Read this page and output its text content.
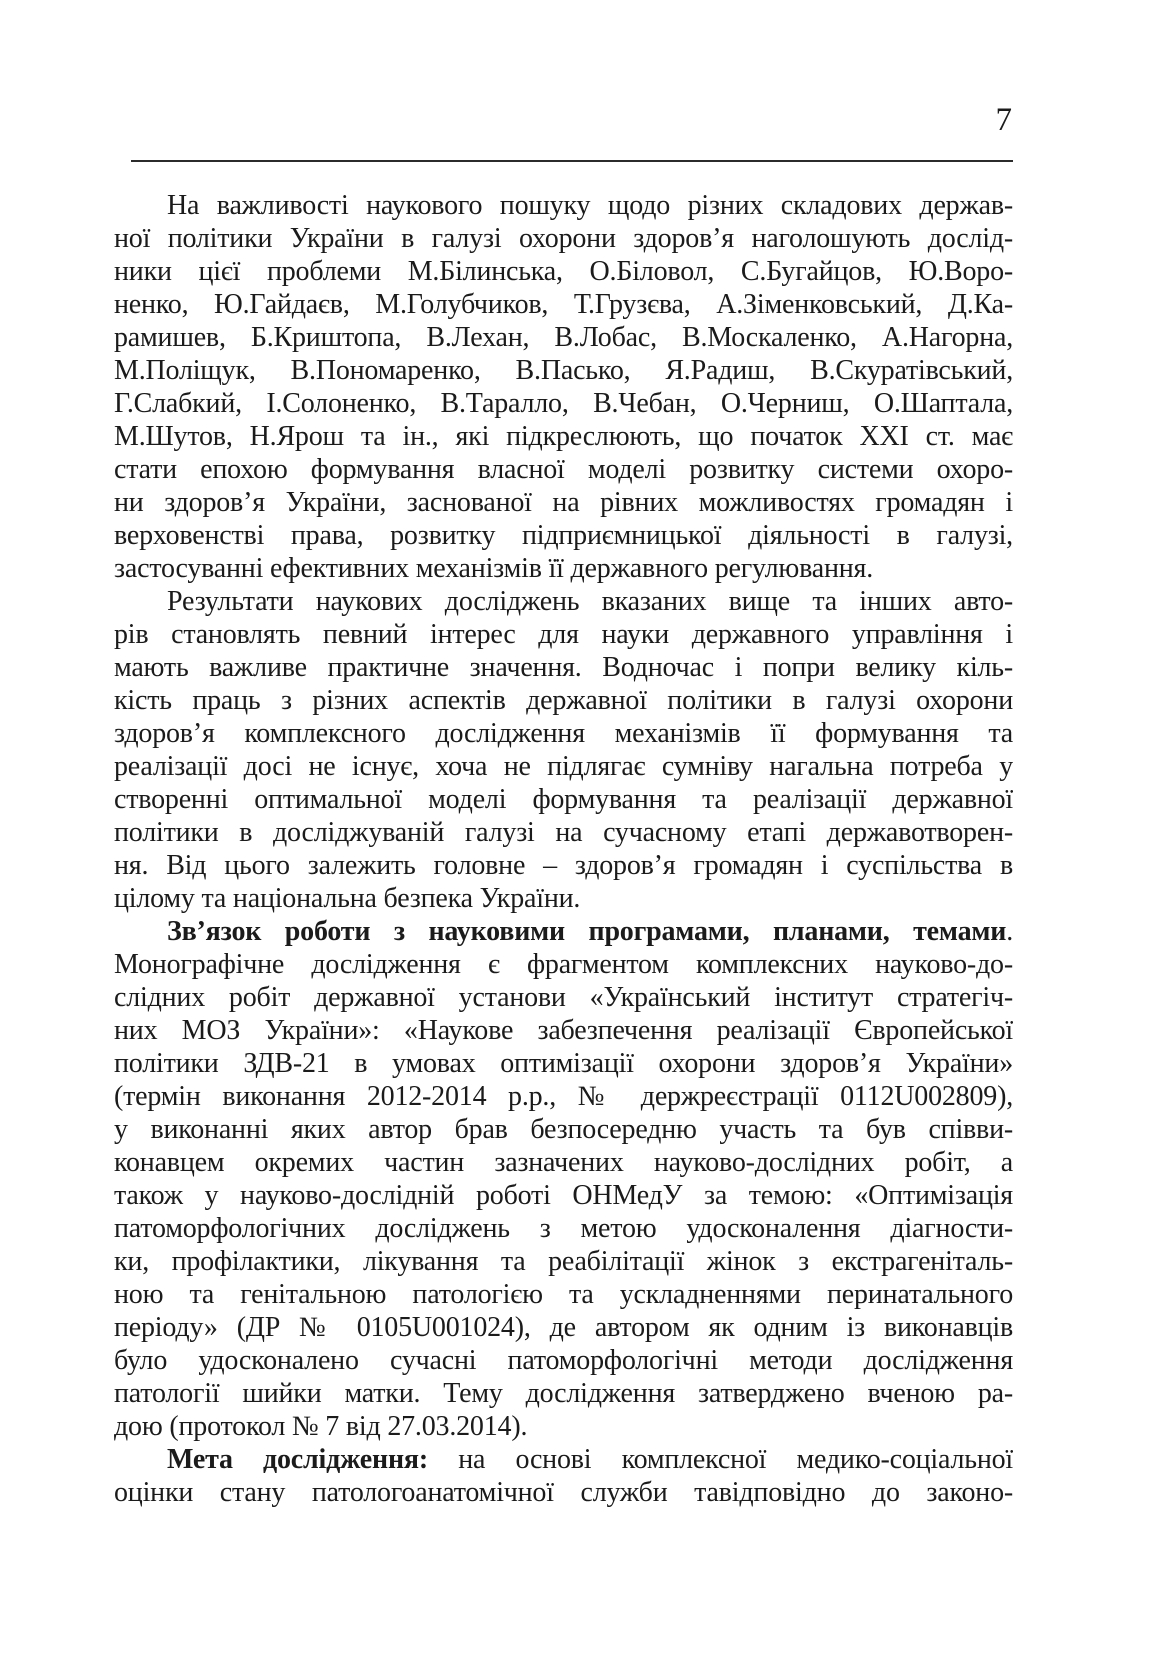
7
На важливості наукового пошуку щодо різних складових держав-
ної політики України в галузі охорони здоров’я наголошують дослід-
ники цієї проблеми М.Білинська, О.Біловол, С.Бугайцов, Ю.Воро-
ненко, Ю.Гайдаєв, М.Голубчиков, Т.Грузєва, А.Зіменковський, Д.Ка-
рамишев, Б.Криштопа, В.Лехан, В.Лобас, В.Москаленко, А.Нагорна,
М.Поліщук, В.Пономаренко, В.Пасько, Я.Радиш, В.Скуратівський,
Г.Слабкий, І.Солоненко, В.Таралло, В.Чебан, О.Черниш, О.Шаптала,
М.Шутов, Н.Ярош та ін., які підкреслюють, що початок ХХІ ст. має
стати епохою формування власної моделі розвитку системи охоро-
ни здоров’я України, заснованої на рівних можливостях громадян і
верховенстві права, розвитку підприємницької діяльності в галузі,
застосуванні ефективних механізмів її державного регулювання.
Результати наукових досліджень вказаних вище та інших авто-
рів становлять певний інтерес для науки державного управління і
мають важливе практичне значення. Водночас і попри велику кіль-
кість праць з різних аспектів державної політики в галузі охорони
здоров’я комплексного дослідження механізмів її формування та
реалізації досі не існує, хоча не підлягає сумніву нагальна потреба у
створенні оптимальної моделі формування та реалізації державної
політики в досліджуваній галузі на сучасному етапі державотворен-
ня. Від цього залежить головне – здоров’я громадян і суспільства в
цілому та національна безпека України.
Зв’язок роботи з науковими програмами, планами, темами.
Монографічне дослідження є фрагментом комплексних науково-до-
слідних робіт державної установи «Український інститут стратегіч-
них МОЗ України»: «Наукове забезпечення реалізації Європейської
політики ЗДВ-21 в умовах оптимізації охорони здоров’я України»
(термін виконання 2012-2014 р.р., № держреєстрації 0112U002809),
у виконанні яких автор брав безпосередню участь та був співви-
конавцем окремих частин зазначених науково-дослідних робіт, а
також у науково-дослідній роботі ОНМедУ за темою: «Оптимізація
патоморфологічних досліджень з метою удосконалення діагности-
ки, профілактики, лікування та реабілітації жінок з екстрагеніталь-
ною та генітальною патологією та ускладненнями перинатального
періоду» (ДР № 0105U001024), де автором як одним із виконавців
було удосконалено сучасні патоморфологічні методи дослідження
патології шийки матки. Тему дослідження затверджено вченою ра-
дою (протокол № 7 від 27.03.2014).
Мета дослідження: на основі комплексної медико-соціальної
оцінки стану патологоанатомічної служби тавідповідно до законо-
